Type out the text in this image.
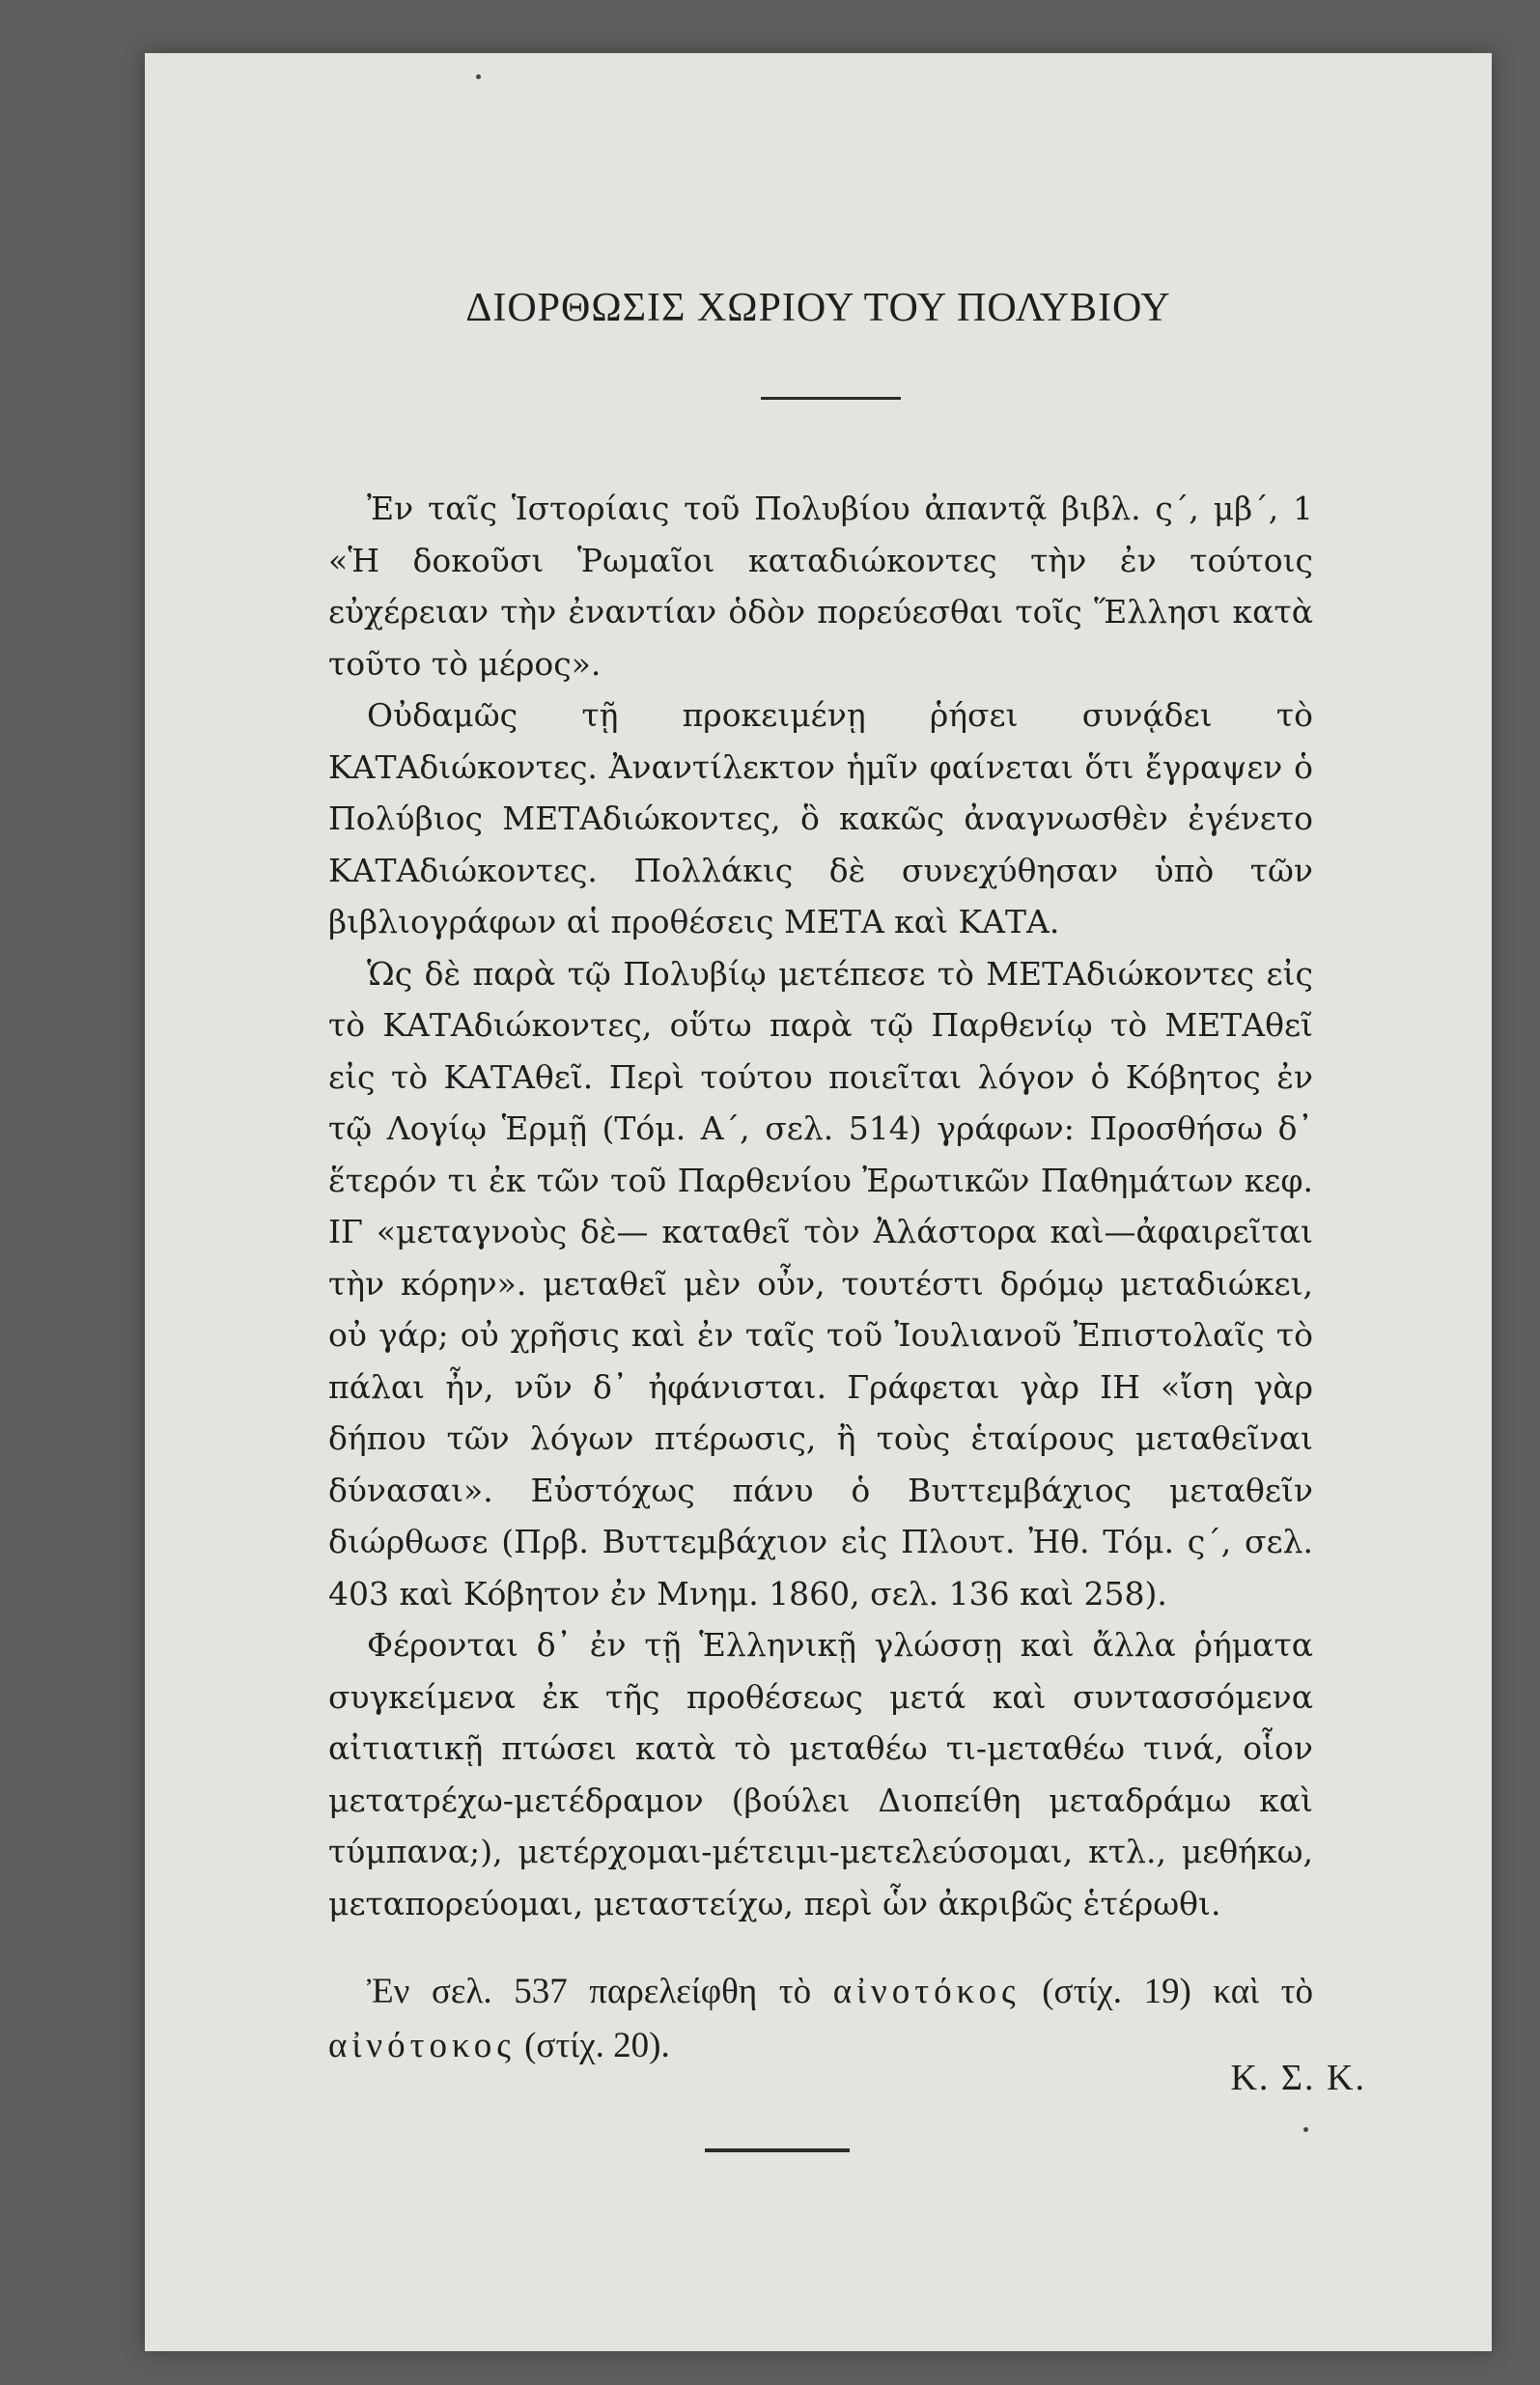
ΔΙΟΡΘΩΣΙΣ ΧΩΡΙΟΥ ΤΟΥ ΠΟΛΥΒΙΟΥ

Ἐν ταῖς Ἱστορίαις τοῦ Πολυβίου ἀπαντᾷ βιβλ. ς΄, μβ΄, 1 «Ἡ δοκοῦσι Ῥωμαῖοι καταδιώκοντες τὴν ἐν τούτοις εὐχέρειαν τὴν ἐναντίαν ὁδὸν πορεύεσθαι τοῖς Ἕλλησι κατὰ τοῦτο τὸ μέρος».

Οὐδαμῶς τῇ προκειμένῃ ῥήσει συνᾴδει τὸ ΚΑΤΑδιώκοντες. Ἀναντίλεκτον ἡμῖν φαίνεται ὅτι ἔγραψεν ὁ Πολύβιος ΜΕΤΑδιώκοντες, ὃ κακῶς ἀναγνωσθὲν ἐγένετο ΚΑΤΑδιώκοντες. Πολλάκις δὲ συνεχύθησαν ὑπὸ τῶν βιβλιογράφων αἱ προθέσεις ΜΕΤΑ καὶ ΚΑΤΑ.

Ὡς δὲ παρὰ τῷ Πολυβίῳ μετέπεσε τὸ ΜΕΤΑδιώκοντες εἰς τὸ ΚΑΤΑδιώκοντες, οὕτω παρὰ τῷ Παρθενίῳ τὸ ΜΕΤΑθεῖ εἰς τὸ ΚΑΤΑθεῖ. Περὶ τούτου ποιεῖται λόγον ὁ Κόβητος ἐν τῷ Λογίῳ Ἑρμῇ (Τόμ. Α΄, σελ. 514) γράφων: Προσθήσω δ᾽ ἕτερόν τι ἐκ τῶν τοῦ Παρθενίου Ἐρωτικῶν Παθημάτων κεφ. ΙΓ «μεταγνοὺς δὲ— καταθεῖ τὸν Ἀλάστορα καὶ—ἀφαιρεῖται τὴν κόρην». μεταθεῖ μὲν οὖν, τουτέστι δρόμῳ μεταδιώκει, οὐ γάρ; οὐ χρῆσις καὶ ἐν ταῖς τοῦ Ἰουλιανοῦ Ἐπιστολαῖς τὸ πάλαι ἦν, νῦν δ᾽ ἠφάνισται. Γράφεται γὰρ ΙΗ «ἴση γὰρ δήπου τῶν λόγων πτέρωσις, ἢ τοὺς ἑταίρους μεταθεῖναι δύνασαι». Εὐστόχως πάνυ ὁ Βυττεμβάχιος μεταθεῖν διώρθωσε (Πρβ. Βυττεμβάχιον εἰς Πλουτ. Ἠθ. Τόμ. ς΄, σελ. 403 καὶ Κόβητον ἐν Μνημ. 1860, σελ. 136 καὶ 258).

Φέρονται δ᾽ ἐν τῇ Ἑλληνικῇ γλώσσῃ καὶ ἄλλα ῥήματα συγκείμενα ἐκ τῆς προθέσεως μετά καὶ συντασσόμενα αἰτιατικῇ πτώσει κατὰ τὸ μεταθέω τι-μεταθέω τινά, οἷον μετατρέχω-μετέδραμον (βούλει Διοπείθη μεταδράμω καὶ τύμπανα;), μετέρχομαι-μέτειμι-μετελεύσομαι, κτλ., μεθήκω, μεταπορεύομαι, μεταστείχω, περὶ ὧν ἀκριβῶς ἑτέρωθι.

Ἐν σελ. 537 παρελείφθη τὸ αἰνοτόκος (στίχ. 19) καὶ τὸ αἰνότοκος (στίχ. 20).

Κ. Σ. Κ.
